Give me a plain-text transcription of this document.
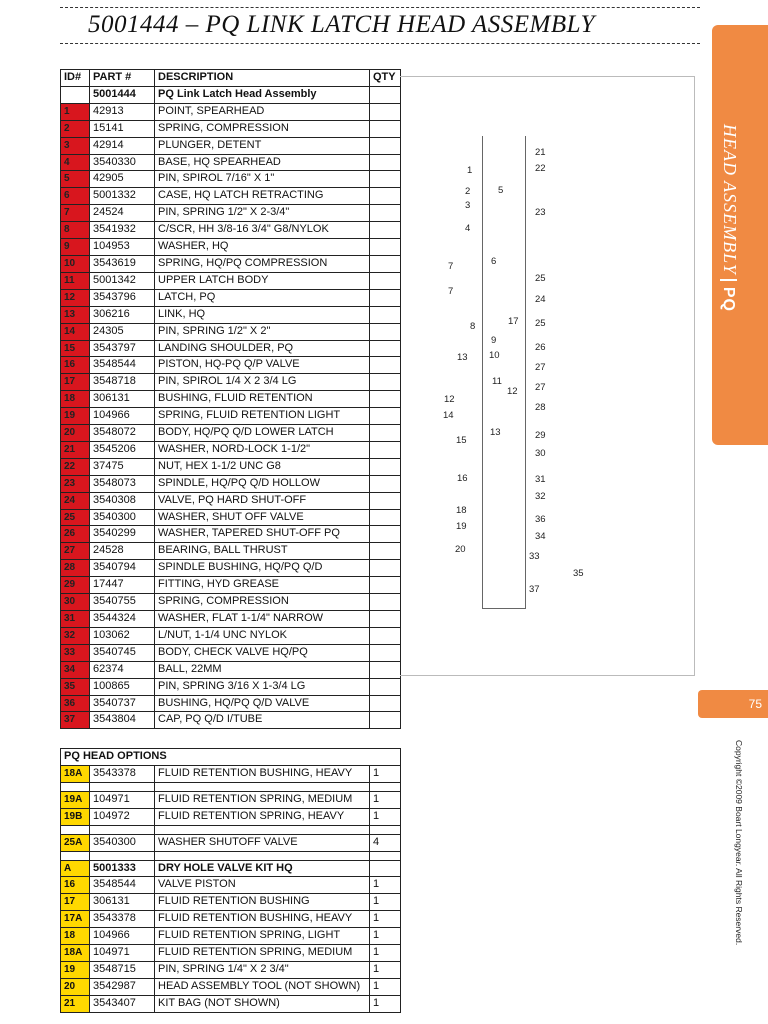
5001444 – PQ LINK LATCH HEAD ASSEMBLY
HEAD ASSEMBLYPQ
75
Copyright ©2009 Boart Longyear. All Rights Reserved.
ID#	PART #	DESCRIPTION	QTY
	5001444	PQ Link Latch Head Assembly	
1	42913	POINT, SPEARHEAD	
2	15141	SPRING, COMPRESSION	
3	42914	PLUNGER, DETENT	
4	3540330	BASE, HQ SPEARHEAD	
5	42905	PIN, SPIROL 7/16" X 1"	
6	5001332	CASE, HQ LATCH RETRACTING	
7	24524	PIN, SPRING 1/2" X 2-3/4"	
8	3541932	C/SCR, HH 3/8-16 3/4" G8/NYLOK	
9	104953	WASHER, HQ	
10	3543619	SPRING, HQ/PQ COMPRESSION	
11	5001342	UPPER LATCH BODY	
12	3543796	LATCH, PQ	
13	306216	LINK, HQ	
14	24305	PIN, SPRING 1/2" X 2"	
15	3543797	LANDING SHOULDER, PQ	
16	3548544	PISTON, HQ-PQ Q/P VALVE	
17	3548718	PIN, SPIROL 1/4 X 2 3/4 LG	
18	306131	BUSHING, FLUID RETENTION	
19	104966	SPRING, FLUID RETENTION LIGHT	
20	3548072	BODY, HQ/PQ Q/D LOWER LATCH	
21	3545206	WASHER, NORD-LOCK 1-1/2"	
22	37475	NUT, HEX 1-1/2 UNC G8	
23	3548073	SPINDLE, HQ/PQ Q/D HOLLOW	
24	3540308	VALVE, PQ HARD SHUT-OFF	
25	3540300	WASHER, SHUT OFF VALVE	
26	3540299	WASHER, TAPERED SHUT-OFF PQ	
27	24528	BEARING, BALL THRUST	
28	3540794	SPINDLE BUSHING, HQ/PQ Q/D	
29	17447	FITTING, HYD GREASE	
30	3540755	SPRING, COMPRESSION	
31	3544324	WASHER, FLAT 1-1/4" NARROW	
32	103062	L/NUT, 1-1/4 UNC NYLOK	
33	3540745	BODY, CHECK VALVE HQ/PQ	
34	62374	BALL, 22MM	
35	100865	PIN, SPRING 3/16 X 1-3/4 LG	
36	3540737	BUSHING, HQ/PQ Q/D VALVE	
37	3543804	CAP, PQ Q/D I/TUBE	
PQ HEAD OPTIONS			
18A	3543378	FLUID RETENTION BUSHING, HEAVY	1

19A	104971	FLUID RETENTION SPRING, MEDIUM	1
19B	104972	FLUID RETENTION SPRING, HEAVY	1

25A	3540300	WASHER SHUTOFF VALVE	4

A	5001333	DRY HOLE VALVE KIT HQ	
16	3548544	VALVE PISTON	1
17	306131	FLUID RETENTION BUSHING	1
17A	3543378	FLUID RETENTION BUSHING, HEAVY	1
18	104966	FLUID RETENTION SPRING, LIGHT	1
18A	104971	FLUID RETENTION SPRING, MEDIUM	1
19	3548715	PIN, SPRING 1/4" X 2 3/4"	1
20	3542987	HEAD ASSEMBLY TOOL (NOT SHOWN)	1
21	3543407	KIT BAG (NOT SHOWN)	1
21
22
1
2	5
3
23
4
6
7
25
7
24
17 25
8
9
26
13 10
27
11
12 27
12
28
14
13	29
15
30
16	31
32
18
36
19
34
20
33
35
37
